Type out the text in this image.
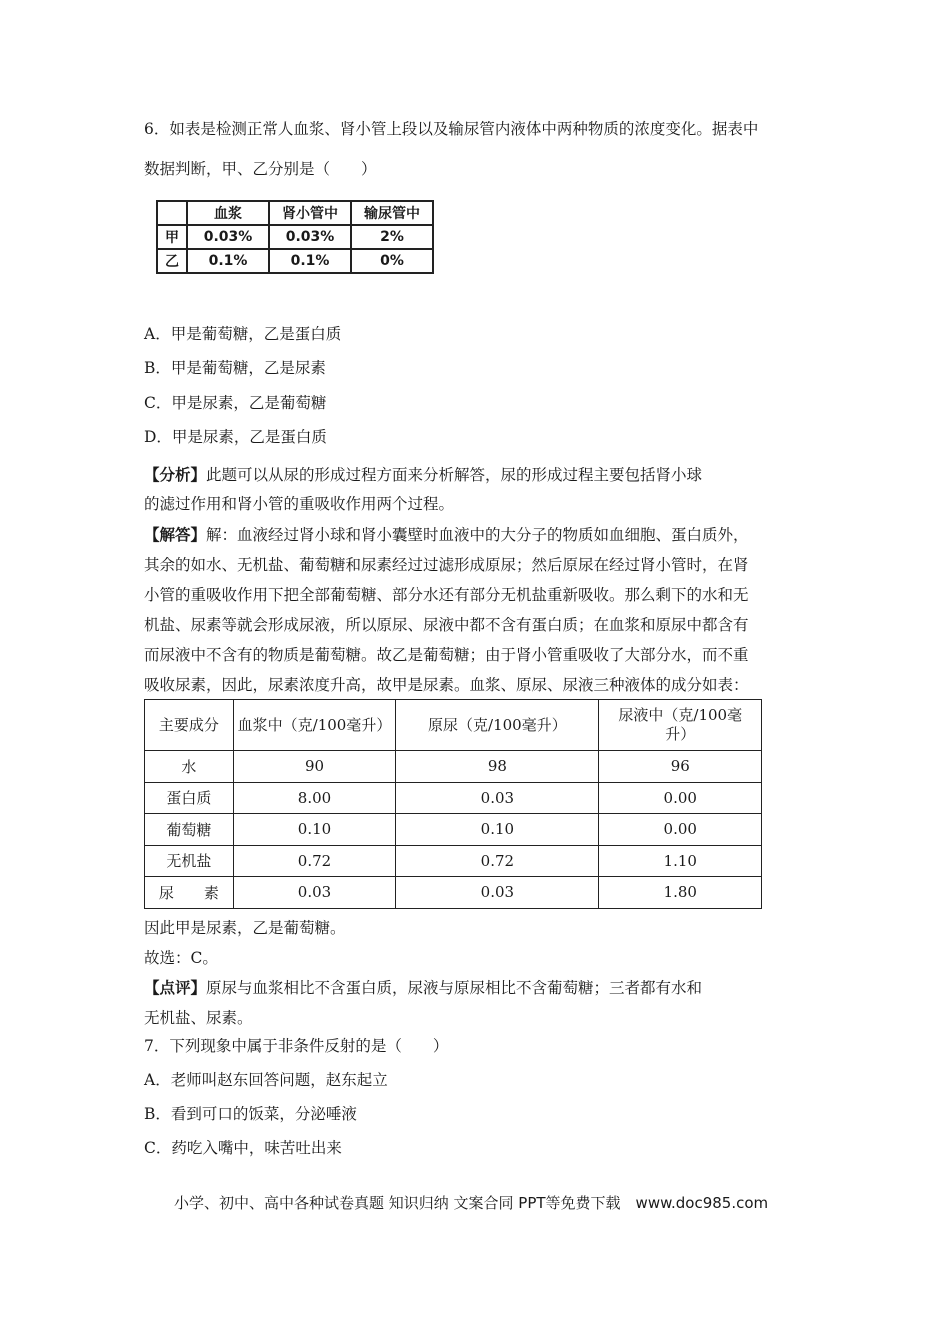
6．如表是检测正常人血浆、肾小管上段以及输尿管内液体中两种物质的浓度变化。据表中
数据判断，甲、乙分别是（　　）
	血浆	肾小管中	输尿管中
甲	0.03%	0.03%	2%
乙	0.1%	0.1%	0%
A．甲是葡萄糖，乙是蛋白质
B．甲是葡萄糖，乙是尿素
C．甲是尿素，乙是葡萄糖
D．甲是尿素，乙是蛋白质
【分析】此题可以从尿的形成过程方面来分析解答，尿的形成过程主要包括肾小球
的滤过作用和肾小管的重吸收作用两个过程。
【解答】解：血液经过肾小球和肾小囊壁时血液中的大分子的物质如血细胞、蛋白质外，
其余的如水、无机盐、葡萄糖和尿素经过过滤形成原尿；然后原尿在经过肾小管时，在肾
小管的重吸收作用下把全部葡萄糖、部分水还有部分无机盐重新吸收。那么剩下的水和无
机盐、尿素等就会形成尿液，所以原尿、尿液中都不含有蛋白质；在血浆和原尿中都含有
而尿液中不含有的物质是葡萄糖。故乙是葡萄糖；由于肾小管重吸收了大部分水，而不重
吸收尿素，因此，尿素浓度升高，故甲是尿素。血浆、原尿、尿液三种液体的成分如表：
主要成分	血浆中（克/100毫升）	原尿（克/100毫升）	尿液中（克/100毫
升）
水	90	98	96
蛋白质	8.00	0.03	0.00
葡萄糖	0.10	0.10	0.00
无机盐	0.72	0.72	1.10
尿　　素	0.03	0.03	1.80
因此甲是尿素，乙是葡萄糖。
故选：C。
【点评】原尿与血浆相比不含蛋白质，尿液与原尿相比不含葡萄糖；三者都有水和
无机盐、尿素。
7．下列现象中属于非条件反射的是（　　）
A．老师叫赵东回答问题，赵东起立
B．看到可口的饭菜，分泌唾液
C．药吃入嘴中，味苦吐出来
小学、初中、高中各种试卷真题 知识归纳 文案合同 PPT等免费下载　www.doc985.com
